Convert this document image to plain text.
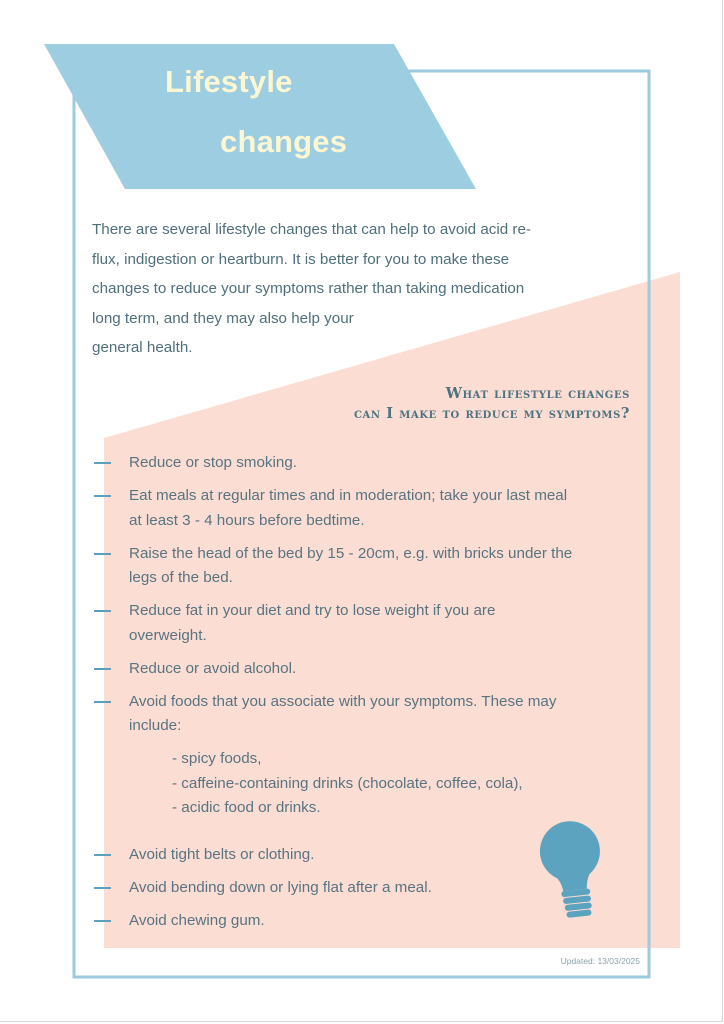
Lifestyle
changes
There are several lifestyle changes that can help to avoid acid re-
flux, indigestion or heartburn. It is better for you to make these
changes to reduce your symptoms rather than taking medication
long term, and they may also help your
general health.
What lifestyle changes
can I make to reduce my symptoms?
Reduce or stop smoking.
Eat meals at regular times and in moderation; take your last meal
at least 3 - 4 hours before bedtime.
Raise the head of the bed by 15 - 20cm, e.g. with bricks under the
legs of the bed.
Reduce fat in your diet and try to lose weight if you are
overweight.
Reduce or avoid alcohol.
Avoid foods that you associate with your symptoms. These may
include:
- spicy foods,
- caffeine-containing drinks (chocolate, coffee, cola),
- acidic food or drinks.
Avoid tight belts or clothing.
Avoid bending down or lying flat after a meal.
Avoid chewing gum.
Updated: 13/03/2025
